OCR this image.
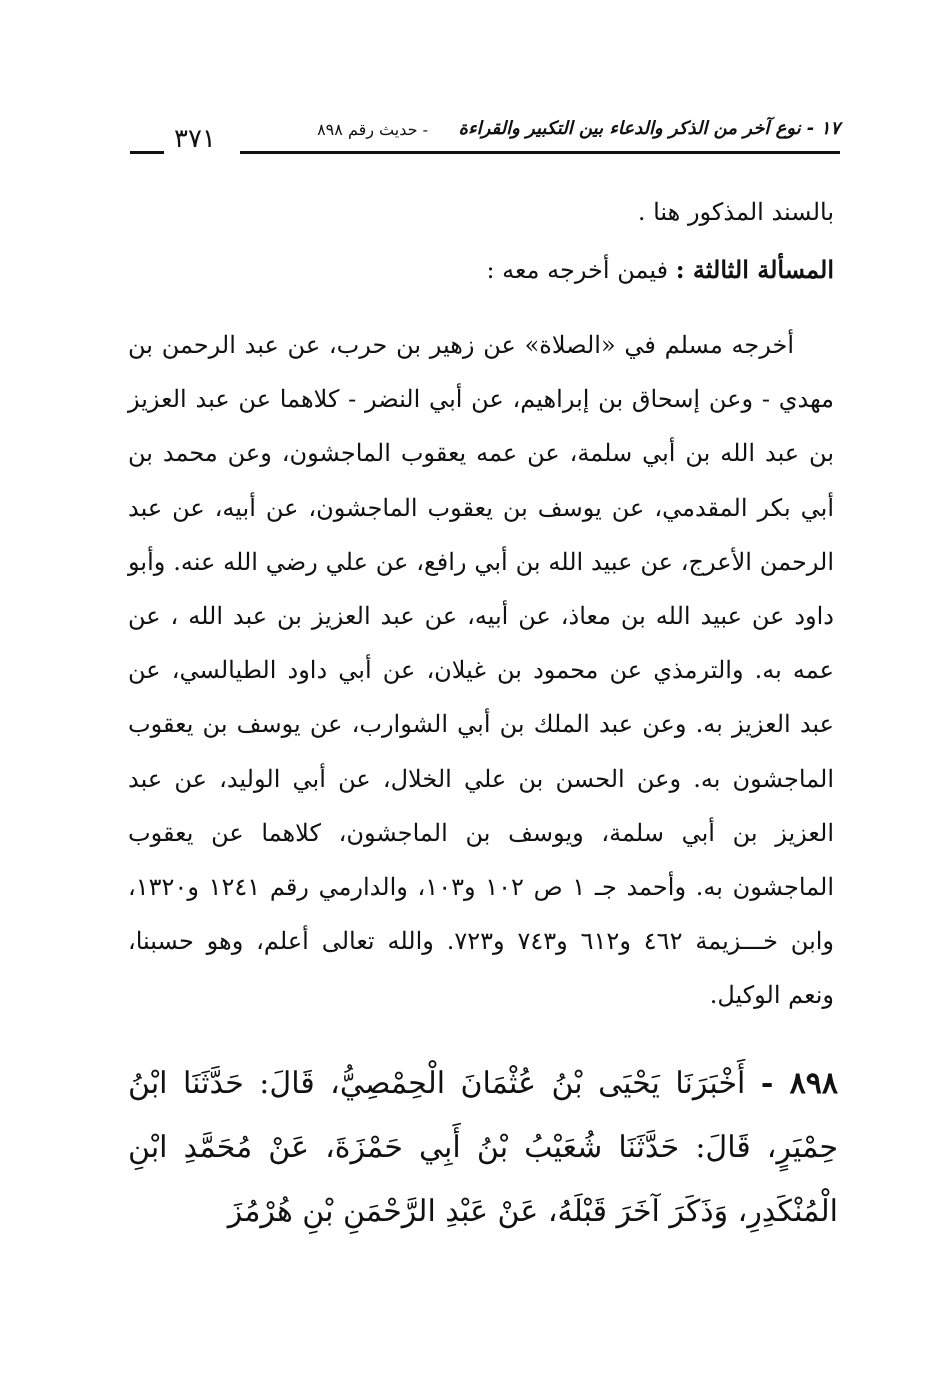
١٧ - نوع آخر من الذكر والدعاء بين التكبير والقراءة
- حديث رقم ٨٩٨
٣٧١

بالسند المذكور هنا .

المسألة الثالثة : فيمن أخرجه معه :

أخرجه مسلم في «الصلاة» عن زهير بن حرب، عن عبد الرحمن بن مهدي - وعن إسحاق بن إبراهيم، عن أبي النضر - كلاهما عن عبد العزيز بن عبد الله بن أبي سلمة، عن عمه يعقوب الماجشون، وعن محمد بن أبي بكر المقدمي، عن يوسف بن يعقوب الماجشون، عن أبيه، عن عبد الرحمن الأعرج، عن عبيد الله بن أبي رافع، عن علي رضي الله عنه. وأبو داود عن عبيد الله بن معاذ، عن أبيه، عن عبد العزيز بن عبد الله ، عن عمه به. والترمذي عن محمود بن غيلان، عن أبي داود الطيالسي، عن عبد العزيز به. وعن عبد الملك بن أبي الشوارب، عن يوسف بن يعقوب الماجشون به. وعن الحسن بن علي الخلال، عن أبي الوليد، عن عبد العزيز بن أبي سلمة، ويوسف بن الماجشون، كلاهما عن يعقوب الماجشون به. وأحمد جـ ١ ص ١٠٢ و١٠٣، والدارمي رقم ١٢٤١ و١٣٢٠، وابن خـــزيمة ٤٦٢ و٦١٢ و٧٤٣ و٧٢٣. والله تعالى أعلم، وهو حسبنا، ونعم الوكيل.

٨٩٨ - أَخْبَرَنَا يَحْيَى بْنُ عُثْمَانَ الْحِمْصِيُّ، قَالَ: حَدَّثَنَا ابْنُ حِمْيَرٍ، قَالَ: حَدَّثَنَا شُعَيْبُ بْنُ أَبِي حَمْزَةَ، عَنْ مُحَمَّدِ ابْنِ الْمُنْكَدِرِ، وَذَكَرَ آخَرَ قَبْلَهُ، عَنْ عَبْدِ الرَّحْمَنِ بْنِ هُرْمُزَ
